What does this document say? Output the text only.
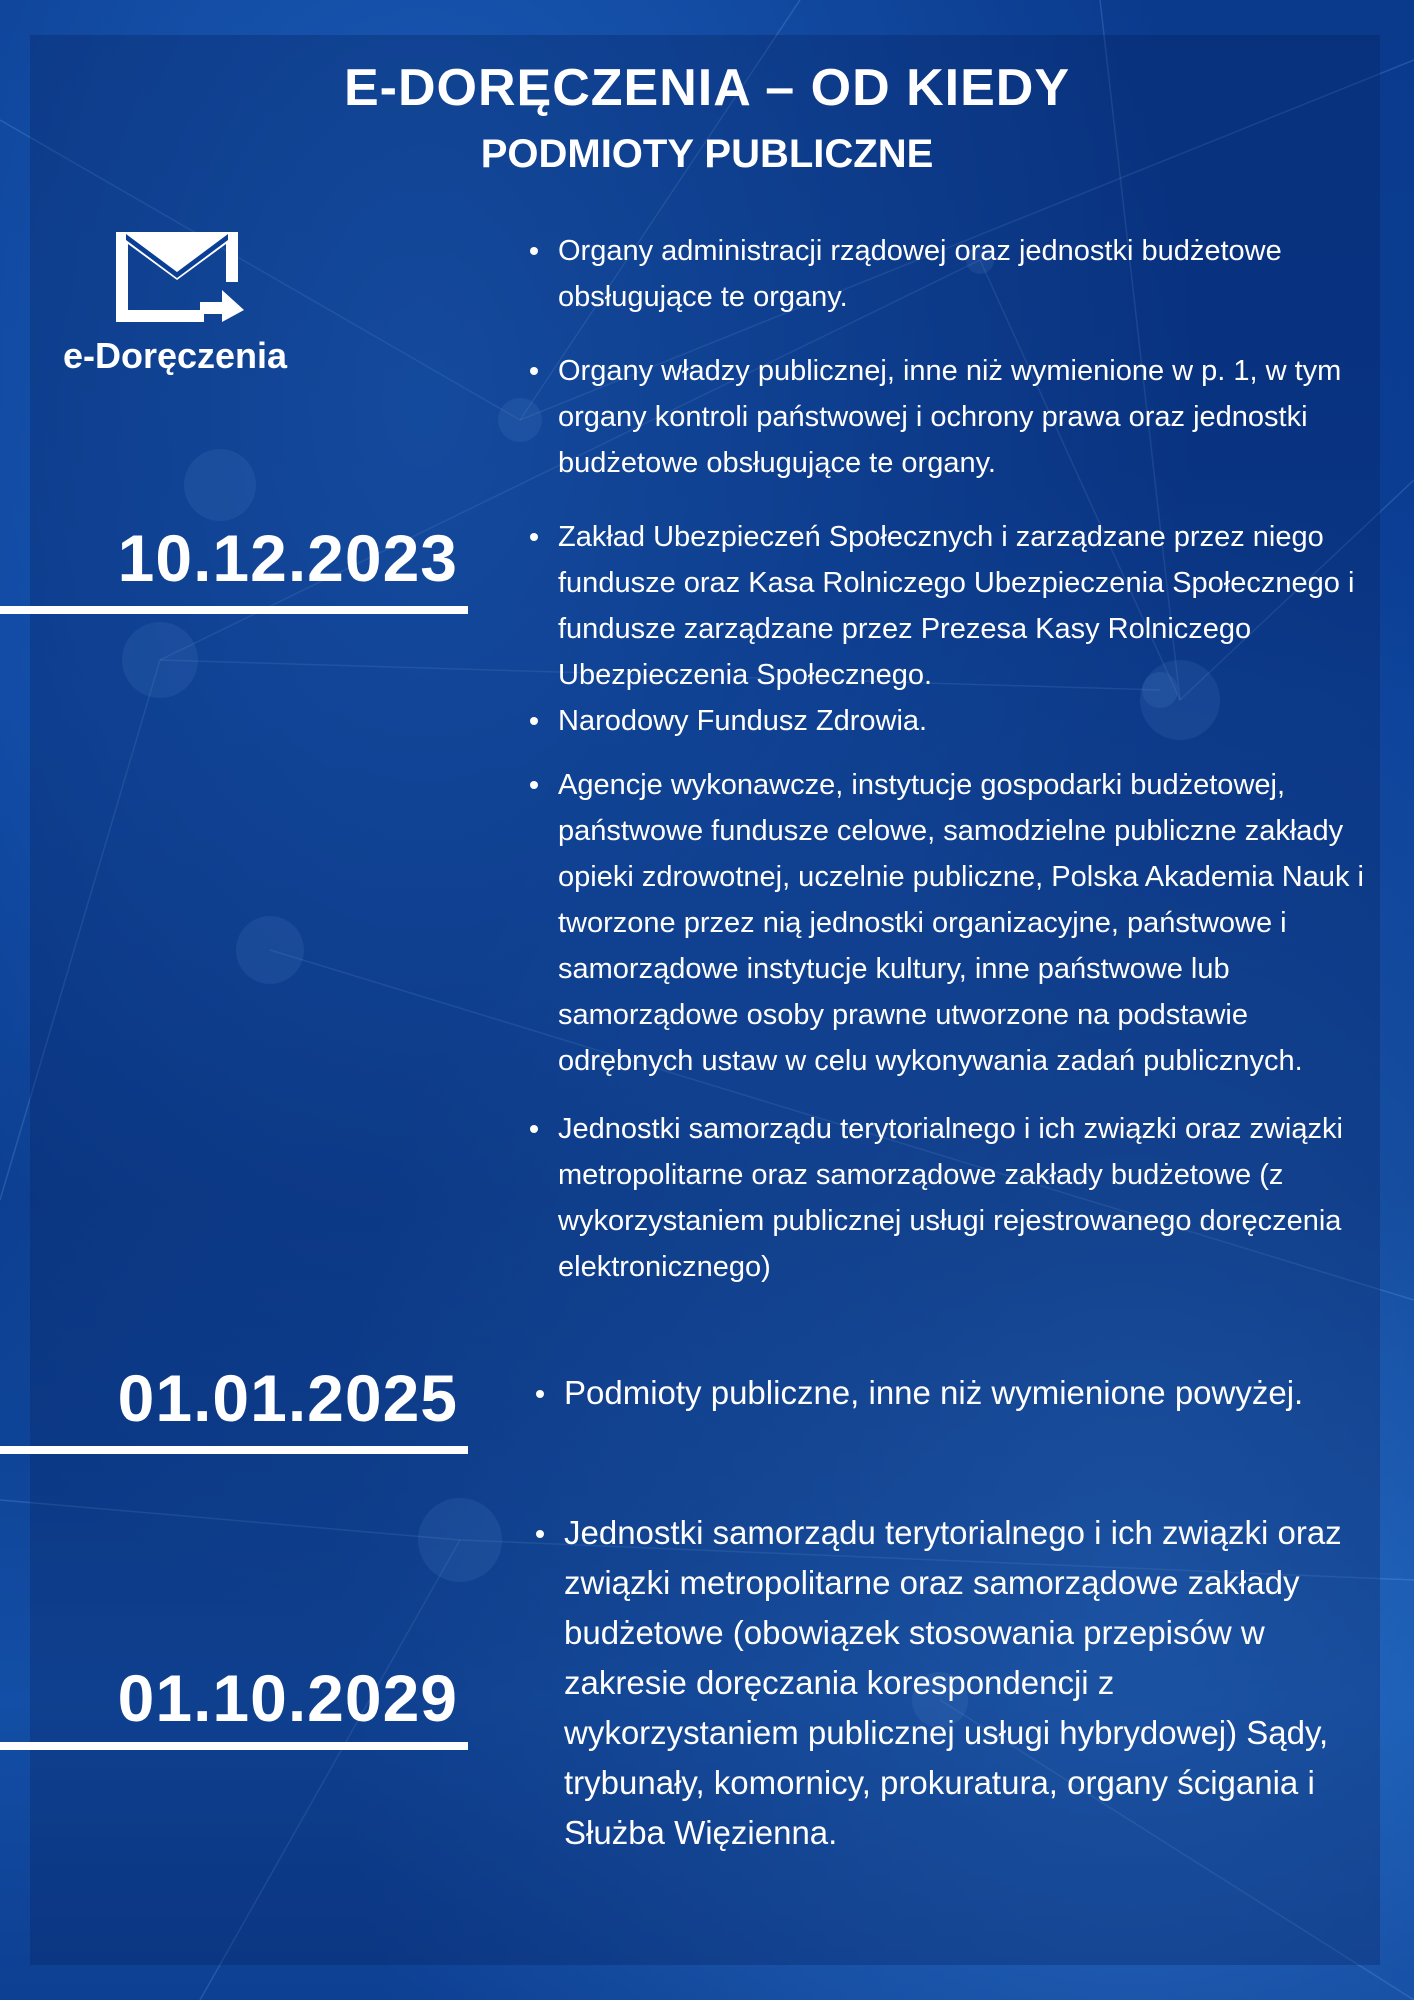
E-DORĘCZENIA – OD KIEDY
PODMIOTY PUBLICZNE
e-Doręczenia
10.12.2023
Organy administracji rządowej oraz jednostki budżetowe obsługujące te organy.
Organy władzy publicznej, inne niż wymienione w p. 1, w tym organy kontroli państwowej i ochrony prawa oraz jednostki budżetowe obsługujące te organy.
Zakład Ubezpieczeń Społecznych i zarządzane przez niego fundusze oraz Kasa Rolniczego Ubezpieczenia Społecznego i fundusze zarządzane przez Prezesa Kasy Rolniczego Ubezpieczenia Społecznego.
Narodowy Fundusz Zdrowia.
Agencje wykonawcze, instytucje gospodarki budżetowej, państwowe fundusze celowe, samodzielne publiczne zakłady opieki zdrowotnej, uczelnie publiczne, Polska Akademia Nauk i tworzone przez nią jednostki organizacyjne, państwowe i samorządowe instytucje kultury, inne państwowe lub samorządowe osoby prawne utworzone na podstawie odrębnych ustaw w celu wykonywania zadań publicznych.
Jednostki samorządu terytorialnego i ich związki oraz związki metropolitarne oraz samorządowe zakłady budżetowe (z wykorzystaniem publicznej usługi rejestrowanego doręczenia elektronicznego)
01.01.2025	Podmioty publiczne, inne niż wymienione powyżej.
01.10.2029
Jednostki samorządu terytorialnego i ich związki oraz związki metropolitarne oraz samorządowe zakłady budżetowe (obowiązek stosowania przepisów w zakresie doręczania korespondencji z wykorzystaniem publicznej usługi hybrydowej) Sądy, trybunały, komornicy, prokuratura, organy ścigania i Służba Więzienna.
